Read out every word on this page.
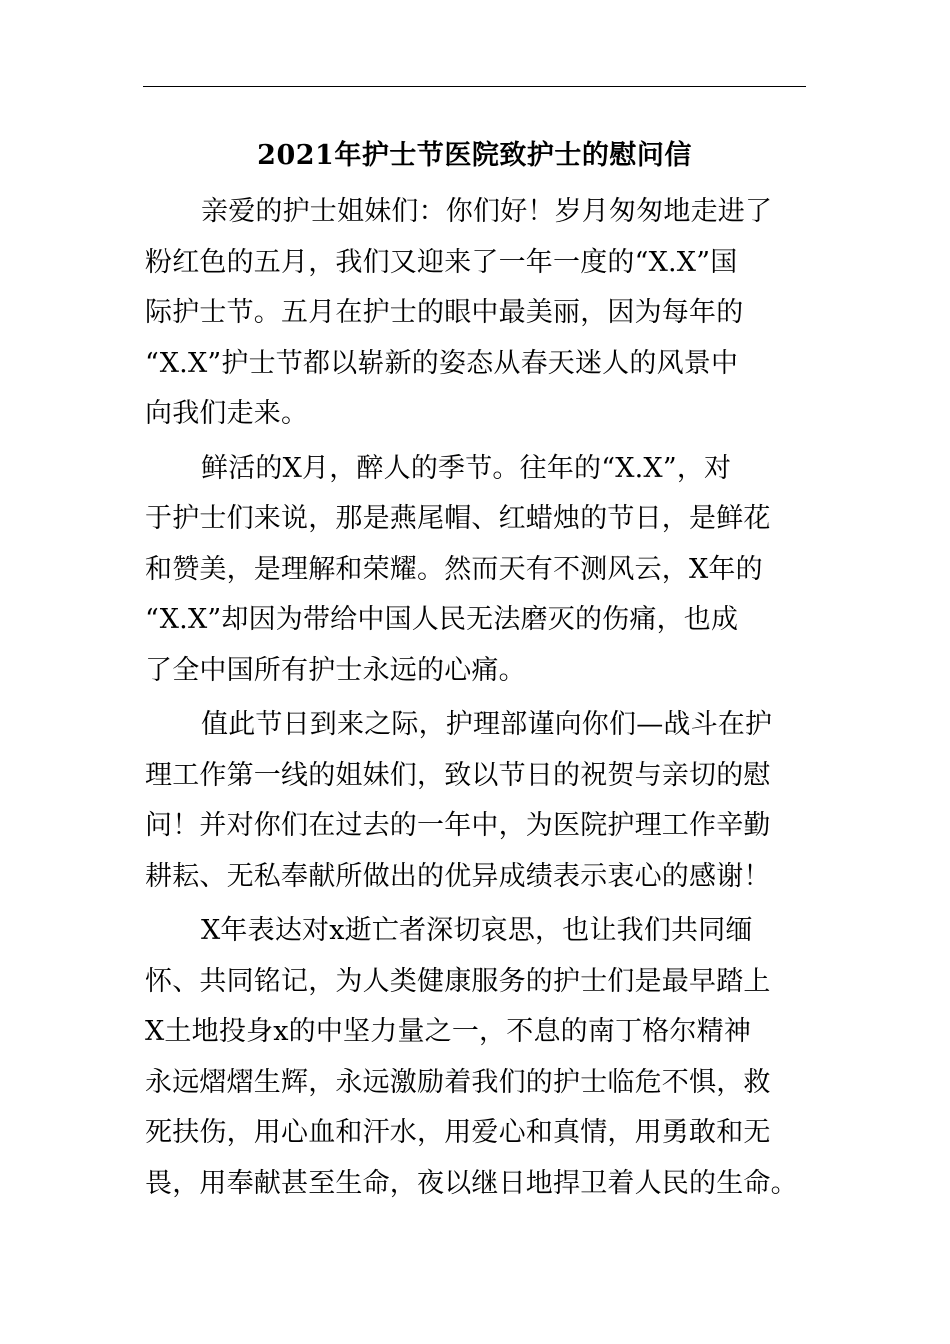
2021年护士节医院致护士的慰问信
亲爱的护士姐妹们：你们好！岁月匆匆地走进了
粉红色的五月，我们又迎来了一年一度的“X.X”国
际护士节。五月在护士的眼中最美丽，因为每年的
“X.X”护士节都以崭新的姿态从春天迷人的风景中
向我们走来。
鲜活的X月，醉人的季节。往年的“X.X”，对
于护士们来说，那是燕尾帽、红蜡烛的节日，是鲜花
和赞美，是理解和荣耀。然而天有不测风云，X年的
“X.X”却因为带给中国人民无法磨灭的伤痛，也成
了全中国所有护士永远的心痛。
值此节日到来之际，护理部谨向你们—战斗在护
理工作第一线的姐妹们，致以节日的祝贺与亲切的慰
问！并对你们在过去的一年中，为医院护理工作辛勤
耕耘、无私奉献所做出的优异成绩表示衷心的感谢！
X年表达对x逝亡者深切哀思，也让我们共同缅
怀、共同铭记，为人类健康服务的护士们是最早踏上
X土地投身x的中坚力量之一，不息的南丁格尔精神
永远熠熠生辉，永远激励着我们的护士临危不惧，救
死扶伤，用心血和汗水，用爱心和真情，用勇敢和无
畏，用奉献甚至生命，夜以继日地捍卫着人民的生命。
